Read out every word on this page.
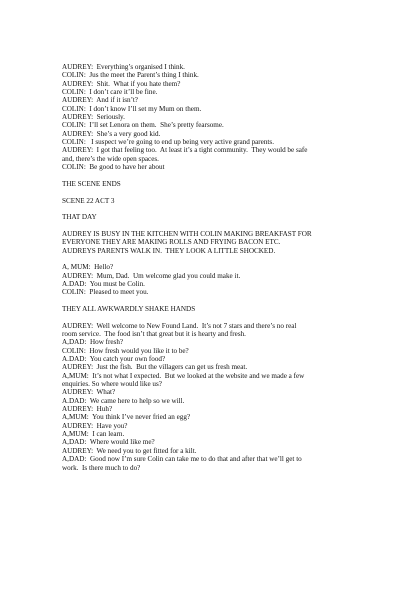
AUDREY:  Everything’s organised I think.
COLIN:  Jus the meet the Parent’s thing I think.
AUDREY:  Shit.  What if you hate them?
COLIN:  I don’t care it’ll be fine.
AUDREY:  And if it isn’t?
COLIN:  I don’t know I’ll set my Mum on them.
AUDREY:  Seriously.
COLIN:  I’ll set Lenora on them.  She’s pretty fearsome.
AUDREY:  She’s a very good kid.
COLIN:   I suspect we’re going to end up being very active grand parents.
AUDREY:  I got that feeling too.  At least it’s a tight community.  They would be safe
and, there’s the wide open spaces.
COLIN:  Be good to have her about
THE SCENE ENDS
SCENE 22 ACT 3
THAT DAY
AUDREY IS BUSY IN THE KITCHEN WITH COLIN MAKING BREAKFAST FOR
EVERYONE THEY ARE MAKING ROLLS AND FRYING BACON ETC.
AUDREYS PARENTS WALK IN.  THEY LOOK A LITTLE SHOCKED.
A, MUM:  Hello?
AUDREY:  Mum, Dad.  Um welcome glad you could make it.
A.DAD:  You must be Colin.
COLIN:  Pleased to meet you.
THEY ALL AWKWARDLY SHAKE HANDS
AUDREY:  Well welcome to New Found Land.  It’s not 7 stars and there’s no real
room service.  The food isn’t that great but it is hearty and fresh.
A,DAD:  How fresh?
COLIN:  How fresh would you like it to be?
A.DAD:  You catch your own food?
AUDREY:  Just the fish.  But the villagers can get us fresh meat.
A,MUM:  It’s not what I expected.  But we looked at the website and we made a few
enquiries. So where would like us?
AUDREY:  What?
A.DAD:  We came here to help so we will.
AUDREY:  Huh?
A,MUM:  You think I’ve never fried an egg?
AUDREY:  Have you?
A,MUM:  I can learn.
A,DAD:  Where would like me?
AUDREY:  We need you to get fitted for a kilt.
A,DAD:  Good now I’m sure Colin can take me to do that and after that we’ll get to
work.  Is there much to do?
